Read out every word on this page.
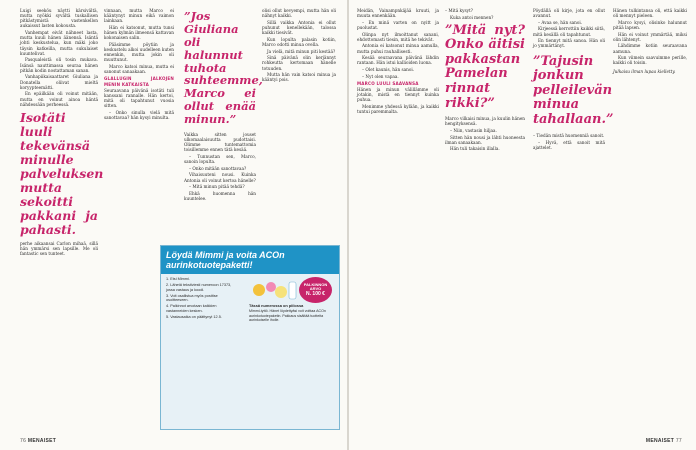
Luigi seeköu näytti kärsivältä, mutta nyökki syvältä tuskallisen pitkästymistä vastenkellon aukaissut lasten kokousta.

Vanhempat eivät nähneet lasta, mutta kuuli hänen äänensä. Isäntä johti keskustelua, kun mäki joko täysin katkeilla, mutta sukulaiset kuuntelivat.

Pasqualeistä oli tosin mukava. Isänsä nauttimassa seuraa hänen pitkän kodin nostattaman sanan.

Vanhapiikaisaattaret Giuliana ja Donatella oliivat mieltä koryypteemätti.

En epäilkään oli voinut mitään, mutta en voinut ainoa häntä nähdessään perheessä.

Isotäti luuli tekevänsä minulle palveluksen mutta sekoitti pakkani ja pahasti.

perhe aikaansai Carlon mihaä, sillä hän ymmärsi sen lapsille. Me oli fantastic sen tunteet.

vinnaan, mutta Marco ei kääntynyt minun eikä vaimon lainkaan.

Hän ei katsonut, mutta tunsi hänen kylmän ilmeensä kattavan kokonaisen salin.

Pääsimme pöytiin ja keskustelu alkoi uudelleen kuten ennenkin, mutta jokin oli muuttunut.

Marco katsoi minua, mutta ei sanonut sanaakaan.

GLALLUGIN JALKOJEN MENIN KATKAISTA

Seuraavana päivänä isotäti tuli kanssani rannalle. Hän kertoi, mitä oli tapahtunut vuosia sitten.

– Onko sinulla vielä mitä sanottavaa? hän kysyi minulta.

”Jos Giuliana oli halunnut tuhota suhteemme, Marco ei ollut enää minun.”

Vaikka sitten jouset ulkomaalaisuutta pudottaisi. Olimme tuntemattomia toisillemme ennen tätä kesää.

– Tunnustan sen, Marco, sanoin lopulta.

– Onko mitään sanottavaa?

Vihaisuuteni nousi. Kuinka Antonia oli voinut kertoa hänelle?

– Mitä minun pitää tehdä?

Ehkä huomenna hän kuuntelee.

olisi ollut kevyempi, mutta hän oli nähnyt kaikki.

Sillä vaikka Antonia ei ollut puhunut kenellekään, talossa kaikki tiesivät.

Kun lopulta palasin kotiin, Marco odotti minua ovella.

Ja vielä, mitä minun piti kestää?

Sinä päivänä olin kerjännyt rohkeutta kertomaan hänelle totuuden.

Mutta hän vain katsoi minua ja kääntyi pois.

Löydä Mimmi ja voita ACOn aurinkotuotepaketti!
1. Etsi Mimmi.
2. Lähetä tekstiviesti numeroon 17373, jossa vastaus ja koodi.
3. Voit osallistua myös postitse osoitteeseen.
4. Palkinnot arvotaan kaikkien vastanneiden kesken.
5. Vastausaika on päättynyt 12.5.
PALKINNON ARVO
N. 100 €
Tässä numerossa on piilossa
Mimmi-tyttö. Hänet löydettyäsi voit voittaa ACOn aurinkotuotepaketin. Pakkaus sisältää tuotteita aurinkoiselle iholle.
76 MENAISET

Meidän, Vainampnkäjää kruuti, ja muuta ennenkään.

– En minä varten on nyitt ja puolustat.

Olinpa nyt ilmoittanut sanani, ehdottomasti tiesin, mitä he tekivät.

Antonia ei katsonut minua aamulla, mutta puhui rauhallisesti.

Kesää seuraavana päivänä lähdin rantaan. Hän istui kallioiden luona.

– Olet kaunis, hän sanoi.

– Nyt olen vapaa.

MARCO LUULI SAAVANSA

Hänen ja minun välillämme oli jotakin, mistä en tiennyt kuinka puhua.

Menimme yhdessä kylään, ja kaikki tuntui paremmalta.

– Mitä kysyt?

Kuka antoi mennen?

”Mitä nyt? Onko äitisi pakkastan Pamelan rinnat rikki?”

Marco vilkaisi minua, ja kuulin hänen hengityksensä.

– Niin, vastasin hiljaa.

Sitten hän nousi ja lähti huoneesta ilman sanaakaan.

Hän tuli takaisin illalla.

Pöydällä oli kirje, jota en ollut avannut.

– Avaa se, hän sanoi.

Kirjeessä kerrottiin kaikki siitä, mitä kesällä oli tapahtunut.

En tiennyt mitä sanoa. Hän oli jo ymmärtänyt.

”Tajusin jonkun pelleilevän minua tahallaan.”

– Tiedän mistä huomenniä sanoit.

– Hyvä, että sanoit mitä ajattelet.

Hänen tulkintansa oli, että kaikki oli mennyt pieleen.

Marco kysyi, olisinko halunnut pitää lapsen.

Hän ei voinut ymmärtää, miksi olin lähtenyt.

Lähdimme kotiin seuraavana aamuna.

Kun viimein saavuimme perille, kaikki oli toisin.

Julkaisu ilman lupaa kielletty.

MENAISET 77
